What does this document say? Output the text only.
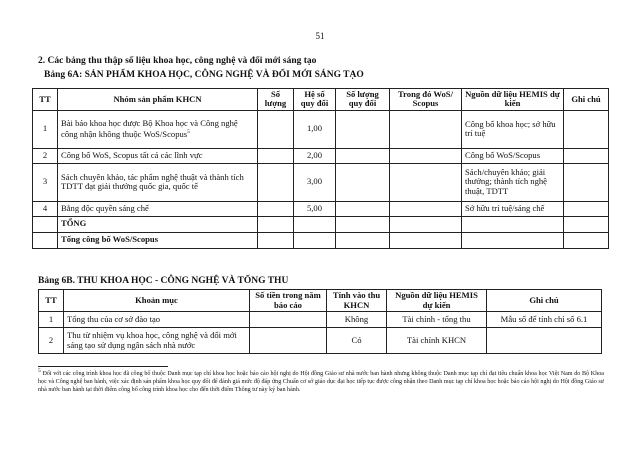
51
2. Các bảng thu thập số liệu khoa học, công nghệ và đổi mới sáng tạo
Bảng 6A: SẢN PHẨM KHOA HỌC, CÔNG NGHỆ VÀ ĐỔI MỚI SÁNG TẠO
TT	Nhóm sản phẩm KHCN	Số lượng	Hệ số quy đổi	Số lượng quy đổi	Trong đó WoS/ Scopus	Nguồn dữ liệu HEMIS dự kiến	Ghi chú
1	Bài báo khoa học được Bộ Khoa học và Công nghệ công nhận không thuộc WoS/Scopus$^5$		1,00			Công bố khoa học; sở hữu trí tuệ	
2	Công bố WoS, Scopus tất cả các lĩnh vực		2,00			Công bố WoS/Scopus	
3	Sách chuyên khảo, tác phẩm nghệ thuật và thành tích TDTT đạt giải thưởng quốc gia, quốc tế		3,00			Sách/chuyên khảo; giải thưởng; thành tích nghệ thuật, TDTT	
4	Bằng độc quyền sáng chế		5,00			Sở hữu trí tuệ/sáng chế	
	TỔNG						
	Tổng công bố WoS/Scopus						
Bảng 6B. THU KHOA HỌC - CÔNG NGHỆ VÀ TỔNG THU
TT	Khoản mục	Số tiền trong năm báo cáo	Tính vào thu KHCN	Nguồn dữ liệu HEMIS dự kiến	Ghi chú
1	Tổng thu của cơ sở đào tạo		Không	Tài chính - tổng thu	Mẫu số để tính chỉ số 6.1
2	Thu từ nhiệm vụ khoa học, công nghệ và đổi mới sáng tạo sử dụng ngân sách nhà nước		Có	Tài chính KHCN	
$^5$ Đối với các công trình khoa học đã công bố thuộc Danh mục tạp chí khoa học hoặc báo cáo hội nghị do Hội đồng Giáo sư nhà nước ban hành nhưng không thuộc Danh mục tạp chí đạt tiêu chuẩn khoa học Việt Nam do Bộ Khoa học và Công nghệ ban hành, việc xác định sản phẩm khoa học quy đổi để đánh giá mức độ đáp ứng Chuẩn cơ sở giáo dục đại học tiếp tục được công nhận theo Danh mục tạp chí khoa học hoặc báo cáo hội nghị do Hội đồng Giáo sư nhà nước ban hành tại thời điểm công bố công trình khoa học cho đến thời điểm Thông tư này ký ban hành.
